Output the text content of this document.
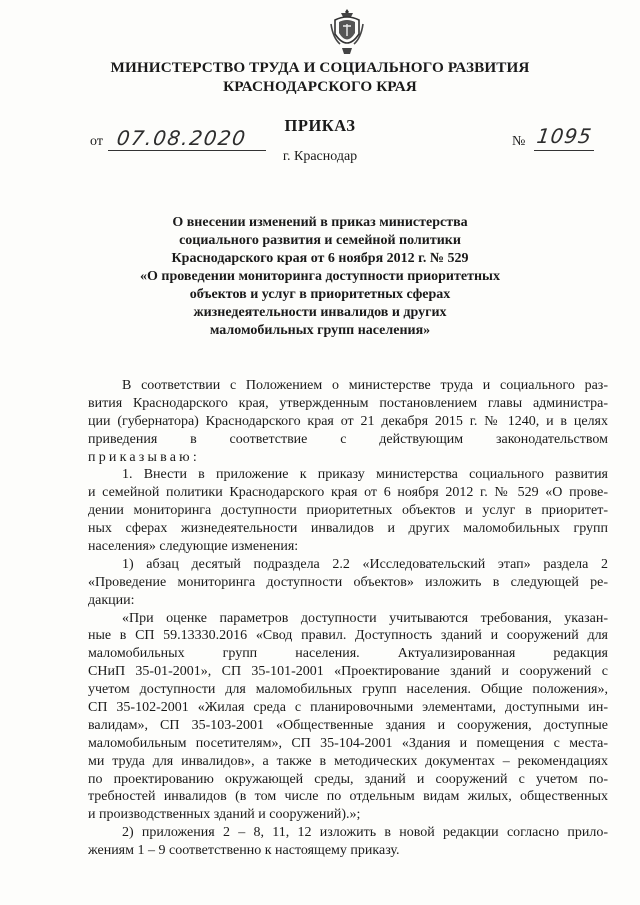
МИНИСТЕРСТВО ТРУДА И СОЦИАЛЬНОГО РАЗВИТИЯ
КРАСНОДАРСКОГО КРАЯ
ПРИКАЗ
от 07.08.2020	№ 1095
г. Краснодар
О внесении изменений в приказ министерства
социального развития и семейной политики
Краснодарского края от 6 ноября 2012 г. № 529
«О проведении мониторинга доступности приоритетных
объектов и услуг в приоритетных сферах
жизнедеятельности инвалидов и других
маломобильных групп населения»
В соответствии с Положением о министерстве труда и социального раз-
вития Краснодарского края, утвержденным постановлением главы администра-
ции (губернатора) Краснодарского края от 21 декабря 2015 г. № 1240, и в целях
приведения в соответствие с действующим законодательством
приказываю:
1. Внести в приложение к приказу министерства социального развития
и семейной политики Краснодарского края от 6 ноября 2012 г. № 529 «О прове-
дении мониторинга доступности приоритетных объектов и услуг в приоритет-
ных сферах жизнедеятельности инвалидов и других маломобильных групп
населения» следующие изменения:
1) абзац десятый подраздела 2.2 «Исследовательский этап» раздела 2
«Проведение мониторинга доступности объектов» изложить в следующей ре-
дакции:
«При оценке параметров доступности учитываются требования, указан-
ные в СП 59.13330.2016 «Свод правил. Доступность зданий и сооружений для
маломобильных групп населения. Актуализированная редакция
СНиП 35-01-2001», СП 35-101-2001 «Проектирование зданий и сооружений с
учетом доступности для маломобильных групп населения. Общие положения»,
СП 35-102-2001 «Жилая среда с планировочными элементами, доступными ин-
валидам», СП 35-103-2001 «Общественные здания и сооружения, доступные
маломобильным посетителям», СП 35-104-2001 «Здания и помещения с места-
ми труда для инвалидов», а также в методических документах – рекомендациях
по проектированию окружающей среды, зданий и сооружений с учетом по-
требностей инвалидов (в том числе по отдельным видам жилых, общественных
и производственных зданий и сооружений).»;
2) приложения 2 – 8, 11, 12 изложить в новой редакции согласно прило-
жениям 1 – 9 соответственно к настоящему приказу.
